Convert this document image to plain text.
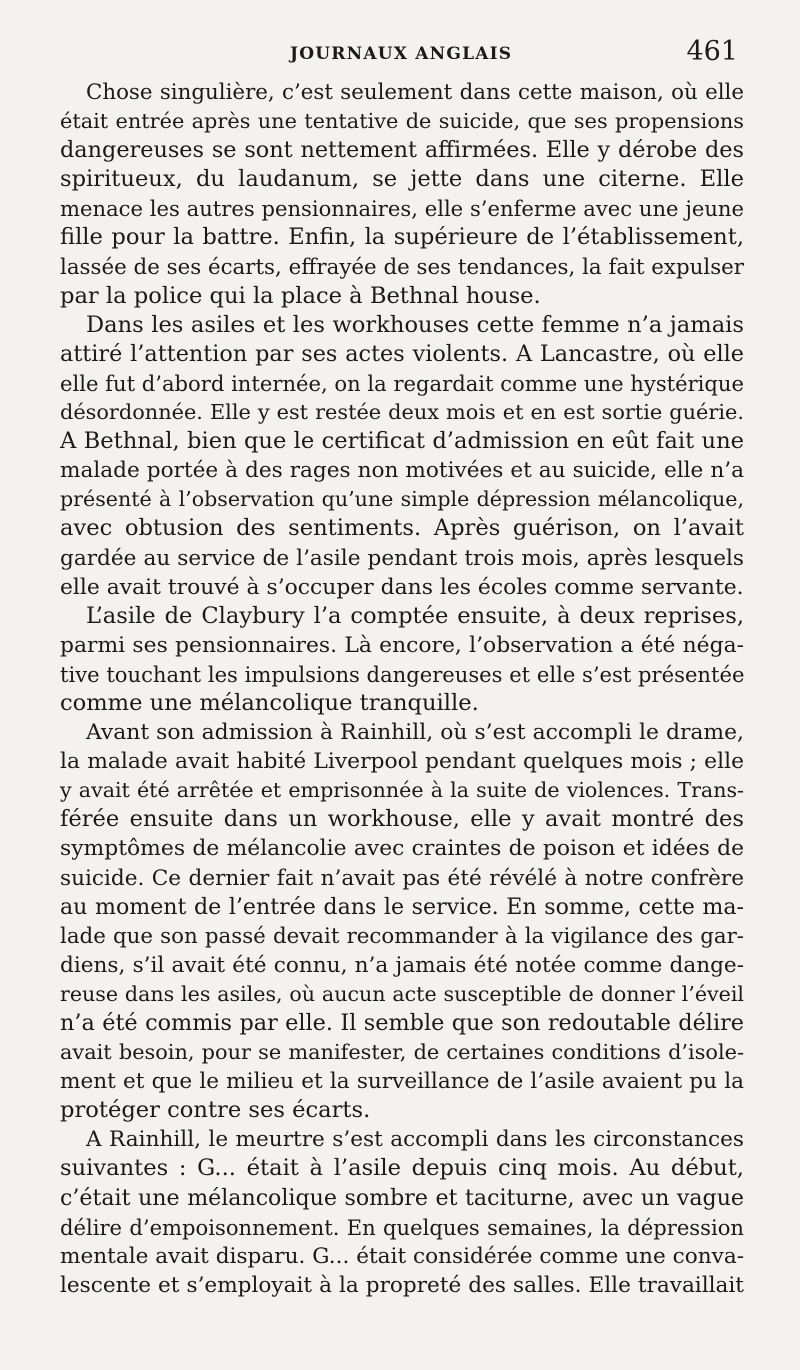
JOURNAUX ANGLAIS	461

Chose singulière, c’est seulement dans cette maison, où elle
était entrée après une tentative de suicide, que ses propensions
dangereuses se sont nettement affirmées. Elle y dérobe des
spiritueux, du laudanum, se jette dans une citerne. Elle
menace les autres pensionnaires, elle s’enferme avec une jeune
fille pour la battre. Enfin, la supérieure de l’établissement,
lassée de ses écarts, effrayée de ses tendances, la fait expulser
par la police qui la place à Bethnal house.

Dans les asiles et les workhouses cette femme n’a jamais
attiré l’attention par ses actes violents. A Lancastre, où elle
elle fut d’abord internée, on la regardait comme une hystérique
désordonnée. Elle y est restée deux mois et en est sortie guérie.
A Bethnal, bien que le certificat d’admission en eût fait une
malade portée à des rages non motivées et au suicide, elle n’a
présenté à l’observation qu’une simple dépression mélancolique,
avec obtusion des sentiments. Après guérison, on l’avait
gardée au service de l’asile pendant trois mois, après lesquels
elle avait trouvé à s’occuper dans les écoles comme servante.

L’asile de Claybury l’a comptée ensuite, à deux reprises,
parmi ses pensionnaires. Là encore, l’observation a été néga-
tive touchant les impulsions dangereuses et elle s’est présentée
comme une mélancolique tranquille.

Avant son admission à Rainhill, où s’est accompli le drame,
la malade avait habité Liverpool pendant quelques mois ; elle
y avait été arrêtée et emprisonnée à la suite de violences. Trans-
férée ensuite dans un workhouse, elle y avait montré des
symptômes de mélancolie avec craintes de poison et idées de
suicide. Ce dernier fait n’avait pas été révélé à notre confrère
au moment de l’entrée dans le service. En somme, cette ma-
lade que son passé devait recommander à la vigilance des gar-
diens, s’il avait été connu, n’a jamais été notée comme dange-
reuse dans les asiles, où aucun acte susceptible de donner l’éveil
n’a été commis par elle. Il semble que son redoutable délire
avait besoin, pour se manifester, de certaines conditions d’isole-
ment et que le milieu et la surveillance de l’asile avaient pu la
protéger contre ses écarts.

A Rainhill, le meurtre s’est accompli dans les circonstances
suivantes : G... était à l’asile depuis cinq mois. Au début,
c’était une mélancolique sombre et taciturne, avec un vague
délire d’empoisonnement. En quelques semaines, la dépression
mentale avait disparu. G... était considérée comme une conva-
lescente et s’employait à la propreté des salles. Elle travaillait
